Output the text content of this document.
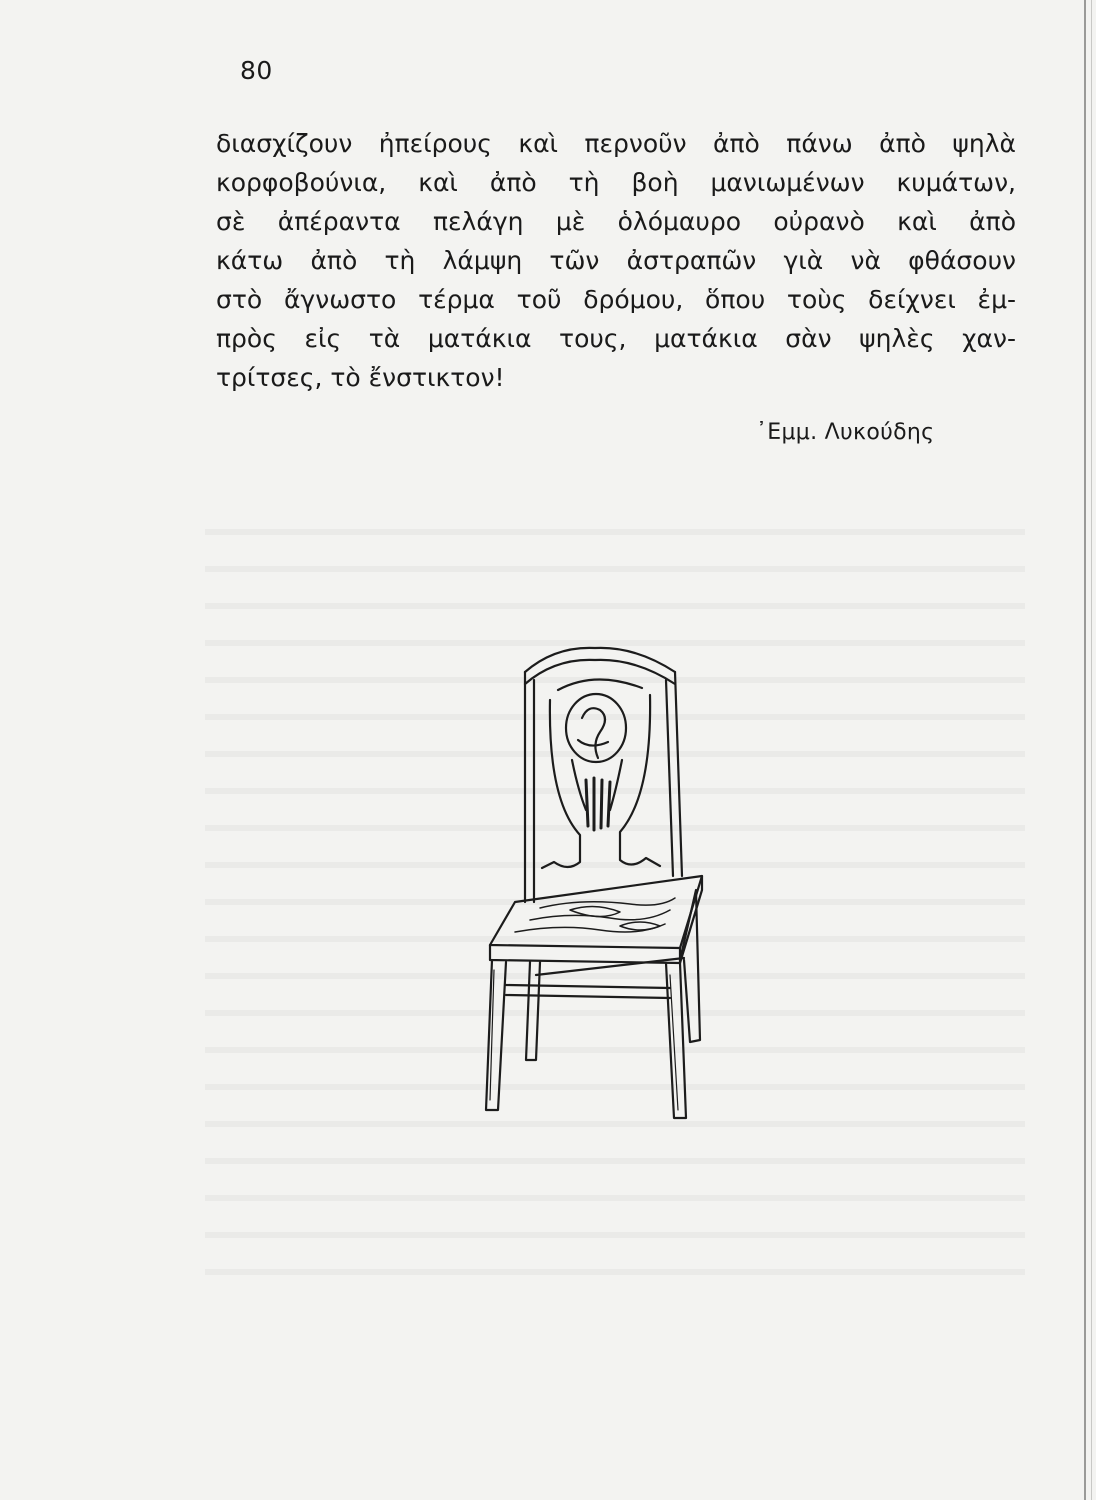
80

διασχίζουν ἠπείρους καὶ περνοῦν ἀπὸ πάνω ἀπὸ ψηλὰ
κορφοβούνια, καὶ ἀπὸ τὴ βοὴ μανιωμένων κυμάτων,
σὲ ἀπέραντα πελάγη μὲ ὁλόμαυρο οὐρανὸ καὶ ἀπὸ
κάτω ἀπὸ τὴ λάμψη τῶν ἀστραπῶν γιὰ νὰ φθάσουν
στὸ ἄγνωστο τέρμα τοῦ δρόμου, ὅπου τοὺς δείχνει ἐμ-
πρὸς εἰς τὰ ματάκια τους, ματάκια σὰν ψηλὲς χαν-
τρίτσες, τὸ ἔνστικτον!

᾿Εμμ. Λυκούδης
